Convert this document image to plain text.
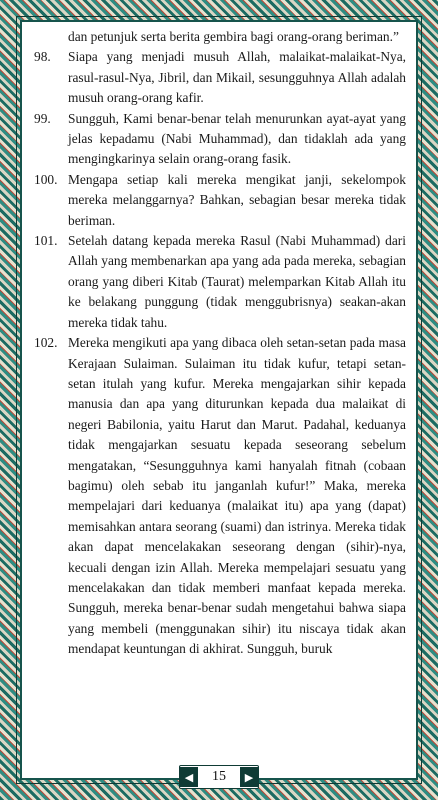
dan petunjuk serta berita gembira bagi orang-orang beriman.”
98. Siapa yang menjadi musuh Allah, malaikat-malaikat-Nya, rasul-rasul-Nya, Jibril, dan Mikail, sesungguhnya Allah adalah musuh orang-orang kafir.
99. Sungguh, Kami benar-benar telah menurunkan ayat-ayat yang jelas kepadamu (Nabi Muhammad), dan tidaklah ada yang mengingkarinya selain orang-orang fasik.
100. Mengapa setiap kali mereka mengikat janji, sekelompok mereka melanggarnya? Bahkan, sebagian besar mereka tidak beriman.
101. Setelah datang kepada mereka Rasul (Nabi Muhammad) dari Allah yang membenarkan apa yang ada pada mereka, sebagian orang yang diberi Kitab (Taurat) melemparkan Kitab Allah itu ke belakang punggung (tidak menggubrisnya) seakan-akan mereka tidak tahu.
102. Mereka mengikuti apa yang dibaca oleh setan-setan pada masa Kerajaan Sulaiman. Sulaiman itu tidak kufur, tetapi setan-setan itulah yang kufur. Mereka mengajarkan sihir kepada manusia dan apa yang diturunkan kepada dua malaikat di negeri Babilonia, yaitu Harut dan Marut. Padahal, keduanya tidak mengajarkan sesuatu kepada seseorang sebelum mengatakan, “Sesungguhnya kami hanyalah fitnah (cobaan bagimu) oleh sebab itu janganlah kufur!” Maka, mereka mempelajari dari keduanya (malaikat itu) apa yang (dapat) memisahkan antara seorang (suami) dan istrinya. Mereka tidak akan dapat mencelakakan seseorang dengan (sihir)-nya, kecuali dengan izin Allah. Mereka mempelajari sesuatu yang mencelakakan dan tidak memberi manfaat kepada mereka. Sungguh, mereka benar-benar sudah mengetahui bahwa siapa yang membeli (menggunakan sihir) itu niscaya tidak akan mendapat keuntungan di akhirat. Sungguh, buruk
◀	15	▶
